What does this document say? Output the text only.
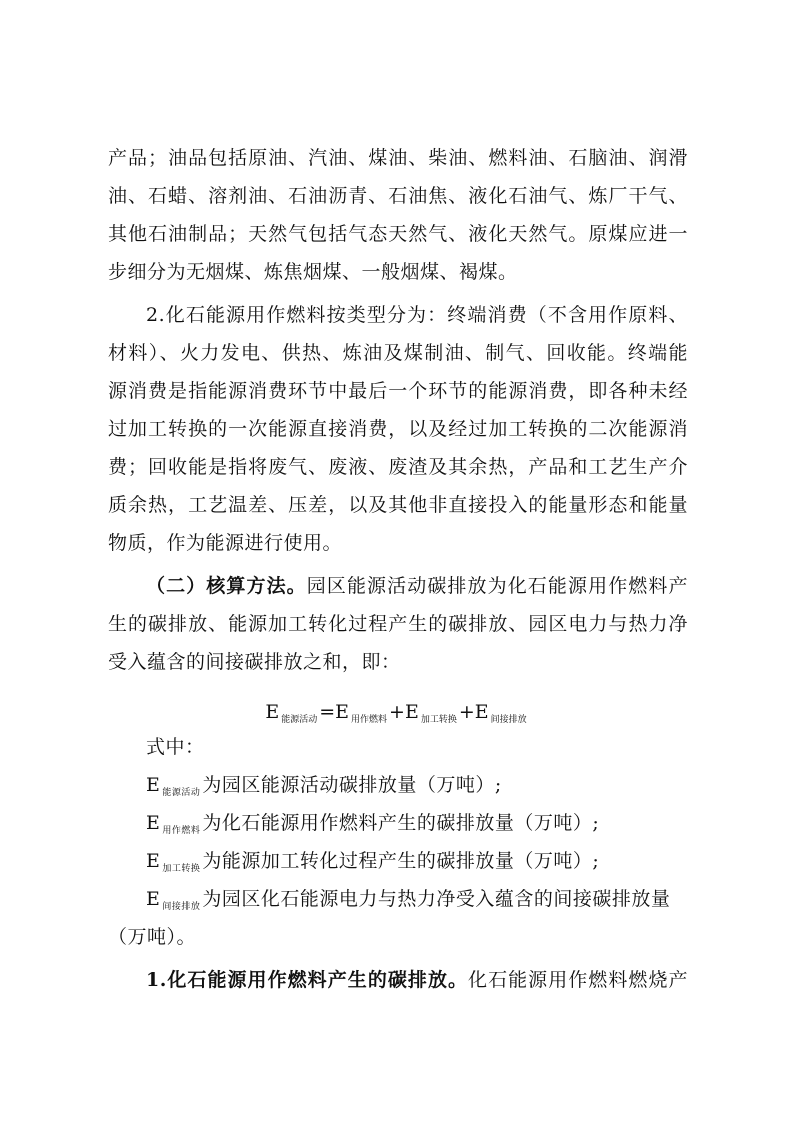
产品；油品包括原油、汽油、煤油、柴油、燃料油、石脑油、润滑
油、石蜡、溶剂油、石油沥青、石油焦、液化石油气、炼厂干气、
其他石油制品；天然气包括气态天然气、液化天然气。原煤应进一
步细分为无烟煤、炼焦烟煤、一般烟煤、褐煤。
2.化石能源用作燃料按类型分为：终端消费（不含用作原料、
材料）、火力发电、供热、炼油及煤制油、制气、回收能。终端能
源消费是指能源消费环节中最后一个环节的能源消费，即各种未经
过加工转换的一次能源直接消费，以及经过加工转换的二次能源消
费；回收能是指将废气、废液、废渣及其余热，产品和工艺生产介
质余热，工艺温差、压差，以及其他非直接投入的能量形态和能量
物质，作为能源进行使用。
（二）核算方法。园区能源活动碳排放为化石能源用作燃料产
生的碳排放、能源加工转化过程产生的碳排放、园区电力与热力净
受入蕴含的间接碳排放之和，即：
E $_{能源活动}$ =E $_{用作燃料}$ +E $_{加工转换}$ +E $_{间接排放}$
式中：
E $_{能源活动}$ 为园区能源活动碳排放量（万吨）;
E $_{用作燃料}$ 为化石能源用作燃料产生的碳排放量（万吨）;
E $_{加工转换}$ 为能源加工转化过程产生的碳排放量（万吨）;
E $_{间接排放}$ 为园区化石能源电力与热力净受入蕴含的间接碳排放量
（万吨）。
1.化石能源用作燃料产生的碳排放。化石能源用作燃料燃烧产
